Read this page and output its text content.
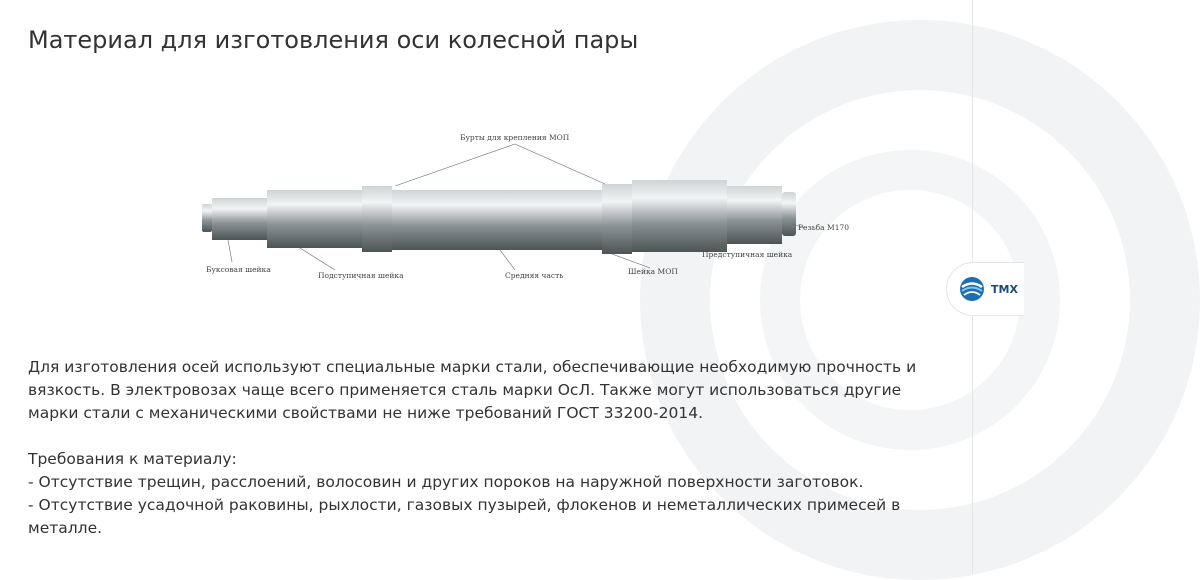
ТМХ
Материал для изготовления оси колесной пары
Бурты для крепления МОП
Резьба М170
Предступичная шейка
Буксовая шейка
Подступичная шейка	Средняя часть	Шейка МОП

Для изготовления осей используют специальные марки стали, обеспечивающие необходимую прочность и

вязкость. В электровозах чаще всего применяется сталь марки ОсЛ. Также могут использоваться другие

марки стали с механическими свойствами не ниже требований ГОСТ 33200-2014.

Требования к материалу:

- Отсутствие трещин, расслоений, волосовин и других пороков на наружной поверхности заготовок.

- Отсутствие усадочной раковины, рыхлости, газовых пузырей, флокенов и неметаллических примесей в

металле.
